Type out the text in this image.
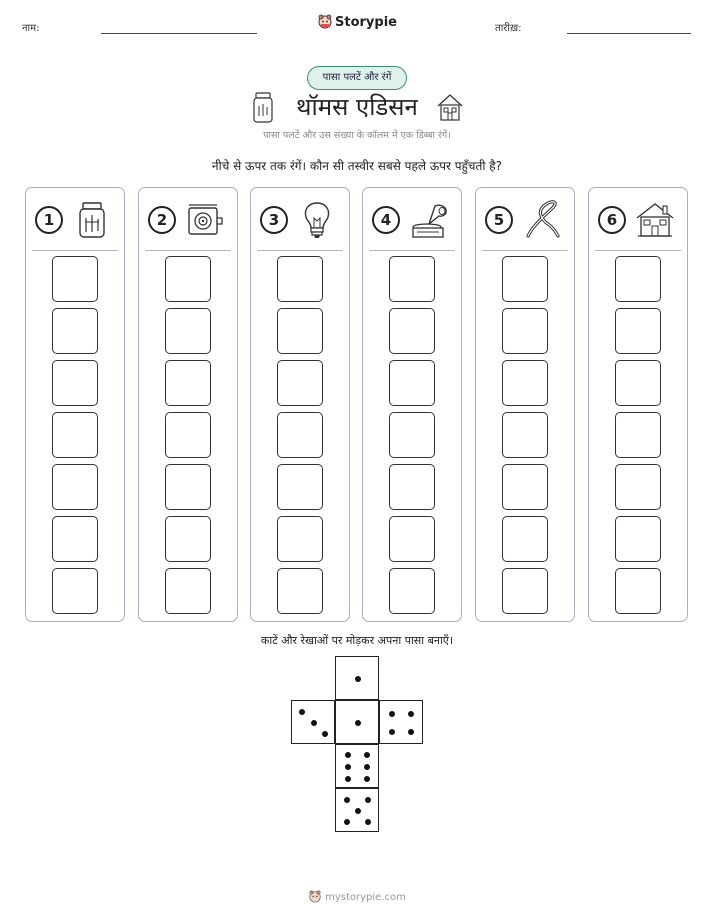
नाम:	Storypie	तारीख़:
पासा पलटें और रंगें
थॉमस एडिसन
पासा पलटें और उस संख्या के कॉलम में एक डिब्बा रंगें।
नीचे से ऊपर तक रंगें। कौन सी तस्वीर सबसे पहले ऊपर पहुँचती है?
1	2	3	4	5	6
काटें और रेखाओं पर मोड़कर अपना पासा बनाएँ।
mystorypie.com
